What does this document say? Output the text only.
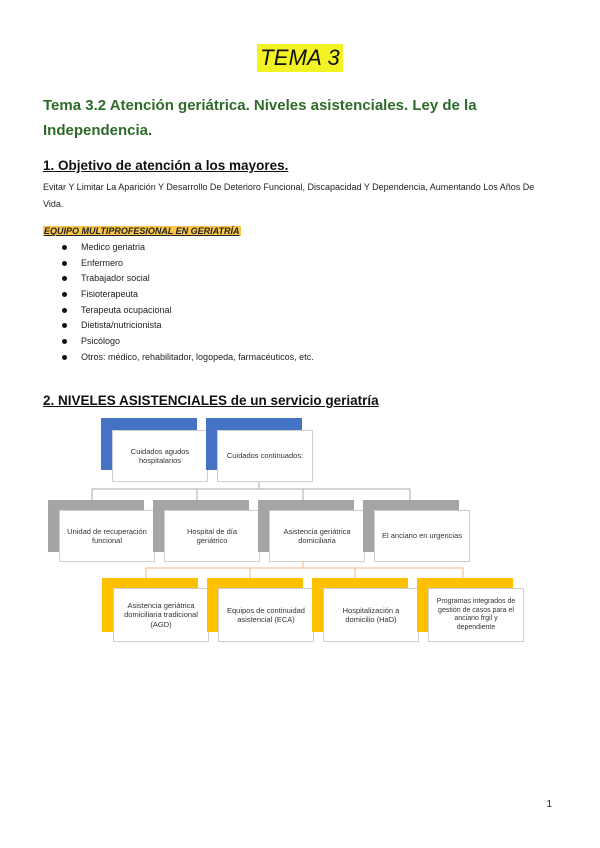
TEMA 3
Tema 3.2 Atención geriátrica. Niveles asistenciales. Ley de la Independencia.
1. Objetivo de atención a los mayores.
Evitar Y Limitar La Aparición Y Desarrollo De Deterioro Funcional, Discapacidad Y Dependencia, Aumentando Los Años De Vida.
EQUIPO MULTIPROFESIONAL EN GERIATRÍA
Medico geriatria
Enfermero
Trabajador social
Fisioterapeuta
Terapeuta ocupacional
Dietista/nutricionista
Psicólogo
Otros: médico, rehabilitador, logopeda, farmacéuticos, etc.
2. NIVELES ASISTENCIALES de un servicio geriatría
Cuidados agudos hospitalarios
Cuidados continuados:
Unidad de recuperación funcional
Hospital de día geriátrico
Asistencia geriátrica domiciliaria
El anciano en urgencias
Asistencia geriátrica domiciliaria tradicional (AGD)
Equipos de continuidad asistencial (ECA)
Hospitalización a domicilio (HaD)
Programas integrados de gestión de casos para el anciano frgil y dependiente
1
